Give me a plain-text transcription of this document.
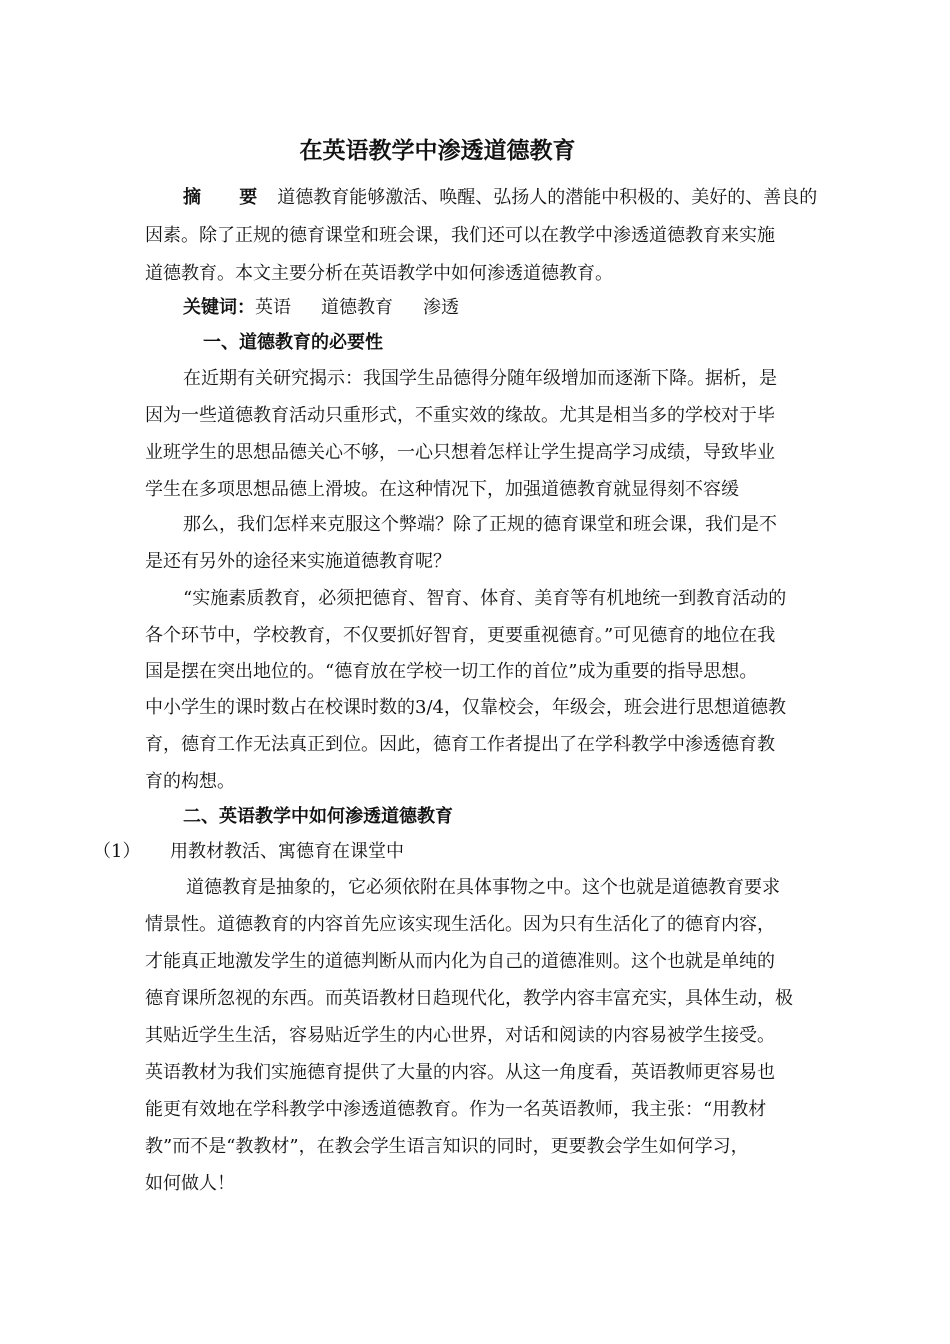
在英语教学中渗透道德教育
摘 要 道德教育能够激活、唤醒、弘扬人的潜能中积极的、美好的、善良的
因素。除了正规的德育课堂和班会课，我们还可以在教学中渗透道德教育来实施
道德教育。本文主要分析在英语教学中如何渗透道德教育。
关键词：英语 道德教育 渗透
一、道德教育的必要性
在近期有关研究揭示：我国学生品德得分随年级增加而逐渐下降。据析，是
因为一些道德教育活动只重形式，不重实效的缘故。尤其是相当多的学校对于毕
业班学生的思想品德关心不够，一心只想着怎样让学生提高学习成绩，导致毕业
学生在多项思想品德上滑坡。在这种情况下，加强道德教育就显得刻不容缓
那么，我们怎样来克服这个弊端？除了正规的德育课堂和班会课，我们是不
是还有另外的途径来实施道德教育呢？
“实施素质教育，必须把德育、智育、体育、美育等有机地统一到教育活动的
各个环节中，学校教育，不仅要抓好智育，更要重视德育。”可见德育的地位在我
国是摆在突出地位的。“德育放在学校一切工作的首位”成为重要的指导思想。
中小学生的课时数占在校课时数的3/4，仅靠校会，年级会，班会进行思想道德教
育，德育工作无法真正到位。因此，德育工作者提出了在学科教学中渗透德育教
育的构想。
二、英语教学中如何渗透道德教育
（1） 用教材教活、寓德育在课堂中
道德教育是抽象的，它必须依附在具体事物之中。这个也就是道德教育要求
情景性。道德教育的内容首先应该实现生活化。因为只有生活化了的德育内容，
才能真正地激发学生的道德判断从而内化为自己的道德准则。这个也就是单纯的
德育课所忽视的东西。而英语教材日趋现代化，教学内容丰富充实，具体生动，极
其贴近学生生活，容易贴近学生的内心世界，对话和阅读的内容易被学生接受。
英语教材为我们实施德育提供了大量的内容。从这一角度看，英语教师更容易也
能更有效地在学科教学中渗透道德教育。作为一名英语教师，我主张：“用教材
教”而不是“教教材”，在教会学生语言知识的同时，更要教会学生如何学习，
如何做人！
